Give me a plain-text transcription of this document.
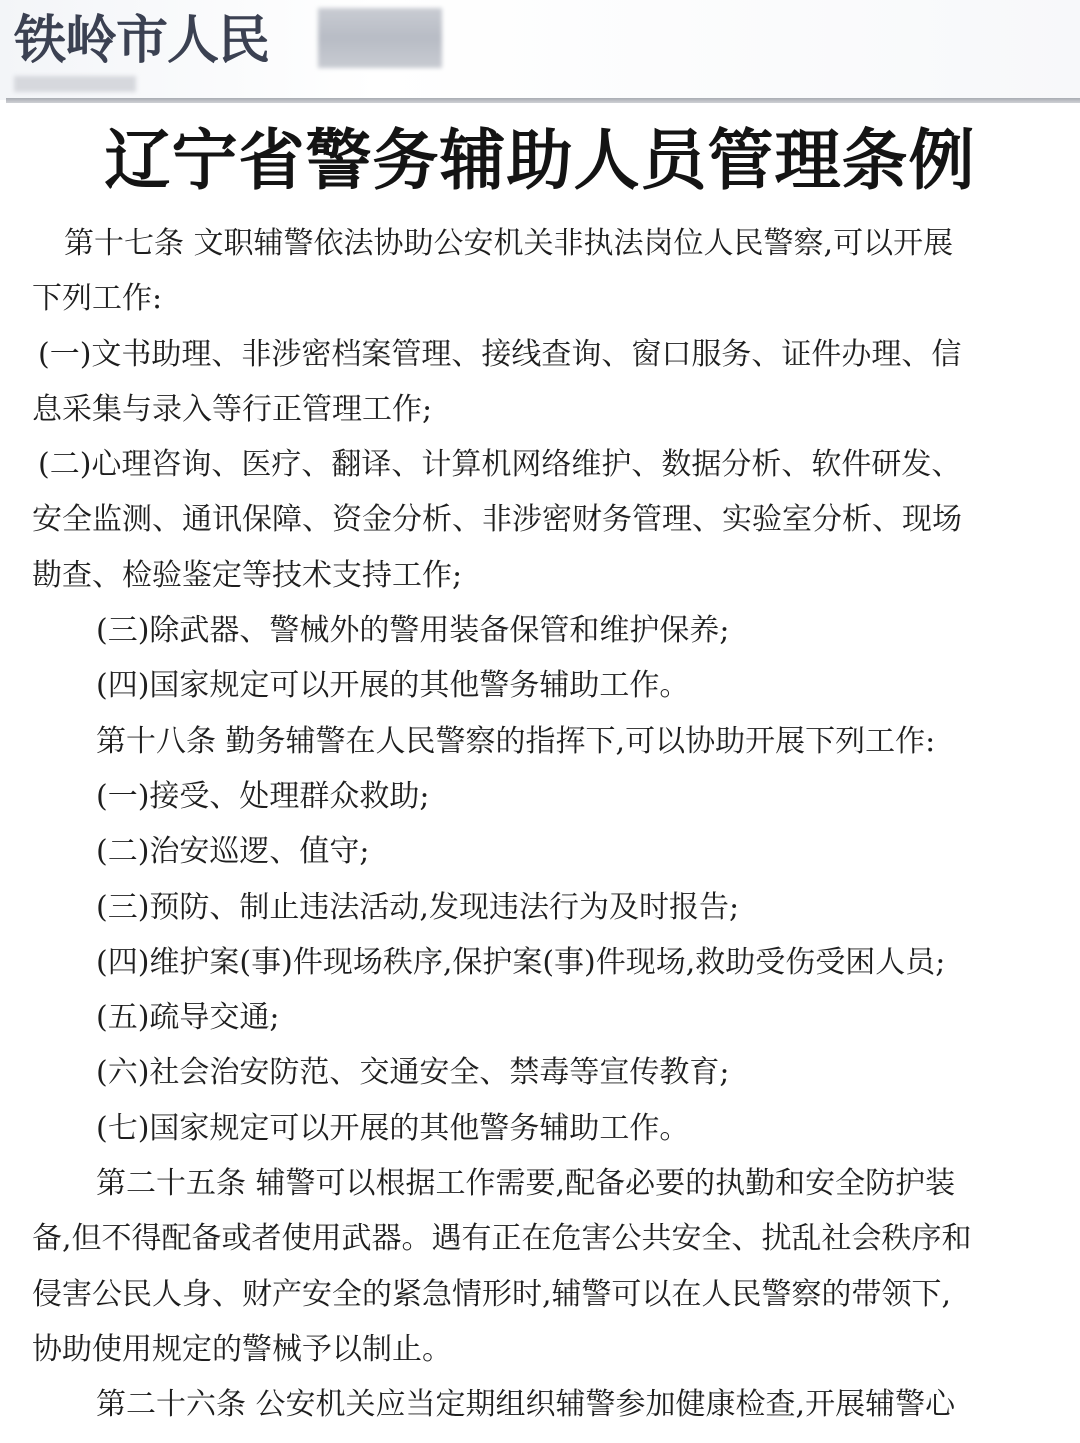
铁岭市人民
辽宁省警务辅助人员管理条例
第十七条 文职辅警依法协助公安机关非执法岗位人民警察,可以开展
下列工作:
(一)文书助理、非涉密档案管理、接线查询、窗口服务、证件办理、信
息采集与录入等行正管理工作;
(二)心理咨询、医疗、翻译、计算机网络维护、数据分析、软件研发、
安全监测、通讯保障、资金分析、非涉密财务管理、实验室分析、现场
勘查、检验鉴定等技术支持工作;
(三)除武器、警械外的警用装备保管和维护保养;
(四)国家规定可以开展的其他警务辅助工作。
第十八条 勤务辅警在人民警察的指挥下,可以协助开展下列工作:
(一)接受、处理群众救助;
(二)治安巡逻、值守;
(三)预防、制止违法活动,发现违法行为及时报告;
(四)维护案(事)件现场秩序,保护案(事)件现场,救助受伤受困人员;
(五)疏导交通;
(六)社会治安防范、交通安全、禁毒等宣传教育;
(七)国家规定可以开展的其他警务辅助工作。
第二十五条 辅警可以根据工作需要,配备必要的执勤和安全防护装
备,但不得配备或者使用武器。遇有正在危害公共安全、扰乱社会秩序和
侵害公民人身、财产安全的紧急情形时,辅警可以在人民警察的带领下,
协助使用规定的警械予以制止。
第二十六条 公安机关应当定期组织辅警参加健康检查,开展辅警心
